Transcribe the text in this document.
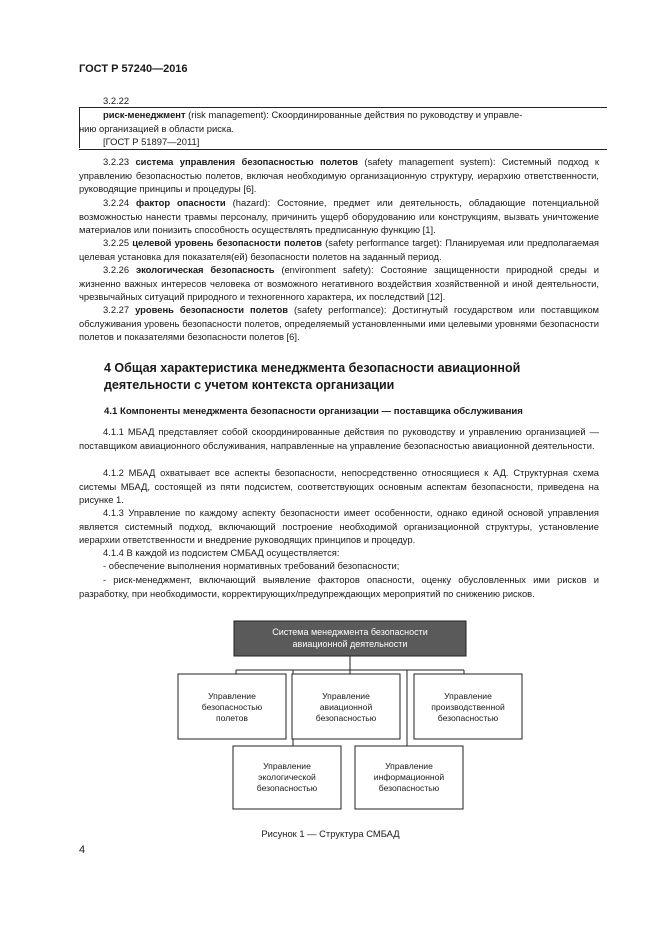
ГОСТ Р 57240—2016
3.2.22
риск-менеджмент (risk management): Скоординированные действия по руководству и управле-
нию организацией в области риска.
[ГОСТ Р 51897—2011]
3.2.23 система управления безопасностью полетов (safety management system): Системный подход к управлению безопасностью полетов, включая необходимую организационную структуру, иерархию ответственности, руководящие принципы и процедуры [6].
3.2.24 фактор опасности (hazard): Состояние, предмет или деятельность, обладающие потенциальной возможностью нанести травмы персоналу, причинить ущерб оборудованию или конструкциям, вызвать уничтожение материалов или понизить способность осуществлять предписанную функцию [1].
3.2.25 целевой уровень безопасности полетов (safety performance target): Планируемая или предполагаемая целевая установка для показателя(ей) безопасности полетов на заданный период.
3.2.26 экологическая безопасность (environment safety): Состояние защищенности природной среды и жизненно важных интересов человека от возможного негативного воздействия хозяйственной и иной деятельности, чрезвычайных ситуаций природного и техногенного характера, их последствий [12].
3.2.27 уровень безопасности полетов (safety performance): Достигнутый государством или поставщиком обслуживания уровень безопасности полетов, определяемый установленными ими целевыми уровнями безопасности полетов и показателями безопасности полетов [6].
4 Общая характеристика менеджмента безопасности авиационной деятельности с учетом контекста организации
4.1 Компоненты менеджмента безопасности организации — поставщика обслуживания
4.1.1 МБАД представляет собой скоординированные действия по руководству и управлению организацией — поставщиком авиационного обслуживания, направленные на управление безопасностью авиационной деятельности.
4.1.2 МБАД охватывает все аспекты безопасности, непосредственно относящиеся к АД. Структурная схема системы МБАД, состоящей из пяти подсистем, соответствующих основным аспектам безопасности, приведена на рисунке 1.
4.1.3 Управление по каждому аспекту безопасности имеет особенности, однако единой основой управления является системный подход, включающий построение необходимой организационной структуры, установление иерархии ответственности и внедрение руководящих принципов и процедур.
4.1.4 В каждой из подсистем СМБАД осуществляется:
- обеспечение выполнения нормативных требований безопасности;
- риск-менеджмент, включающий выявление факторов опасности, оценку обусловленных ими рисков и разработку, при необходимости, корректирующих/предупреждающих мероприятий по снижению рисков.
Система менеджмента безопасности
авиационной деятельности
Управление
безопасностью
полетов
Управление
авиационной
безопасностью
Управление
производственной
безопасностью
Управление
экологической
безопасностью
Управление
информационной
безопасностью
Рисунок 1 — Структура СМБАД
4
